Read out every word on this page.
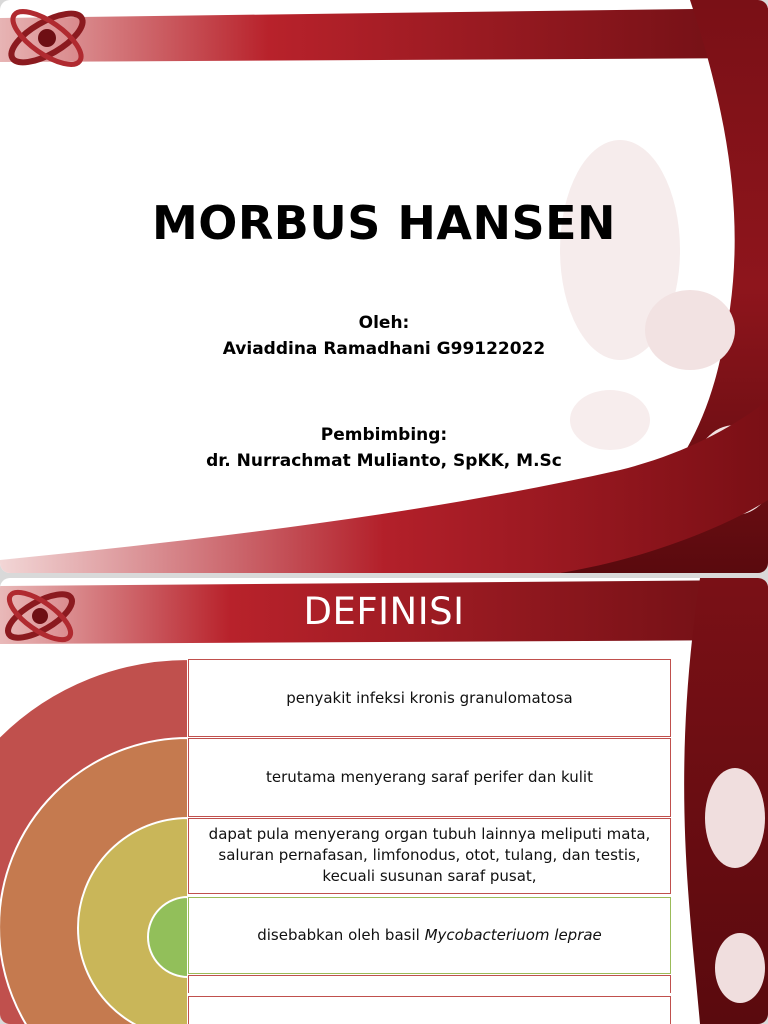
MORBUS HANSEN
Oleh:
Aviaddina Ramadhani G99122022
Pembimbing:
dr. Nurrachmat Mulianto, SpKK, M.Sc
DEFINISI
penyakit infeksi kronis granulomatosa
terutama menyerang saraf perifer dan kulit
dapat pula menyerang organ tubuh lainnya meliputi mata, saluran pernafasan, limfonodus, otot, tulang, dan testis, kecuali susunan saraf pusat,
disebabkan oleh basil Mycobacteriuom leprae
